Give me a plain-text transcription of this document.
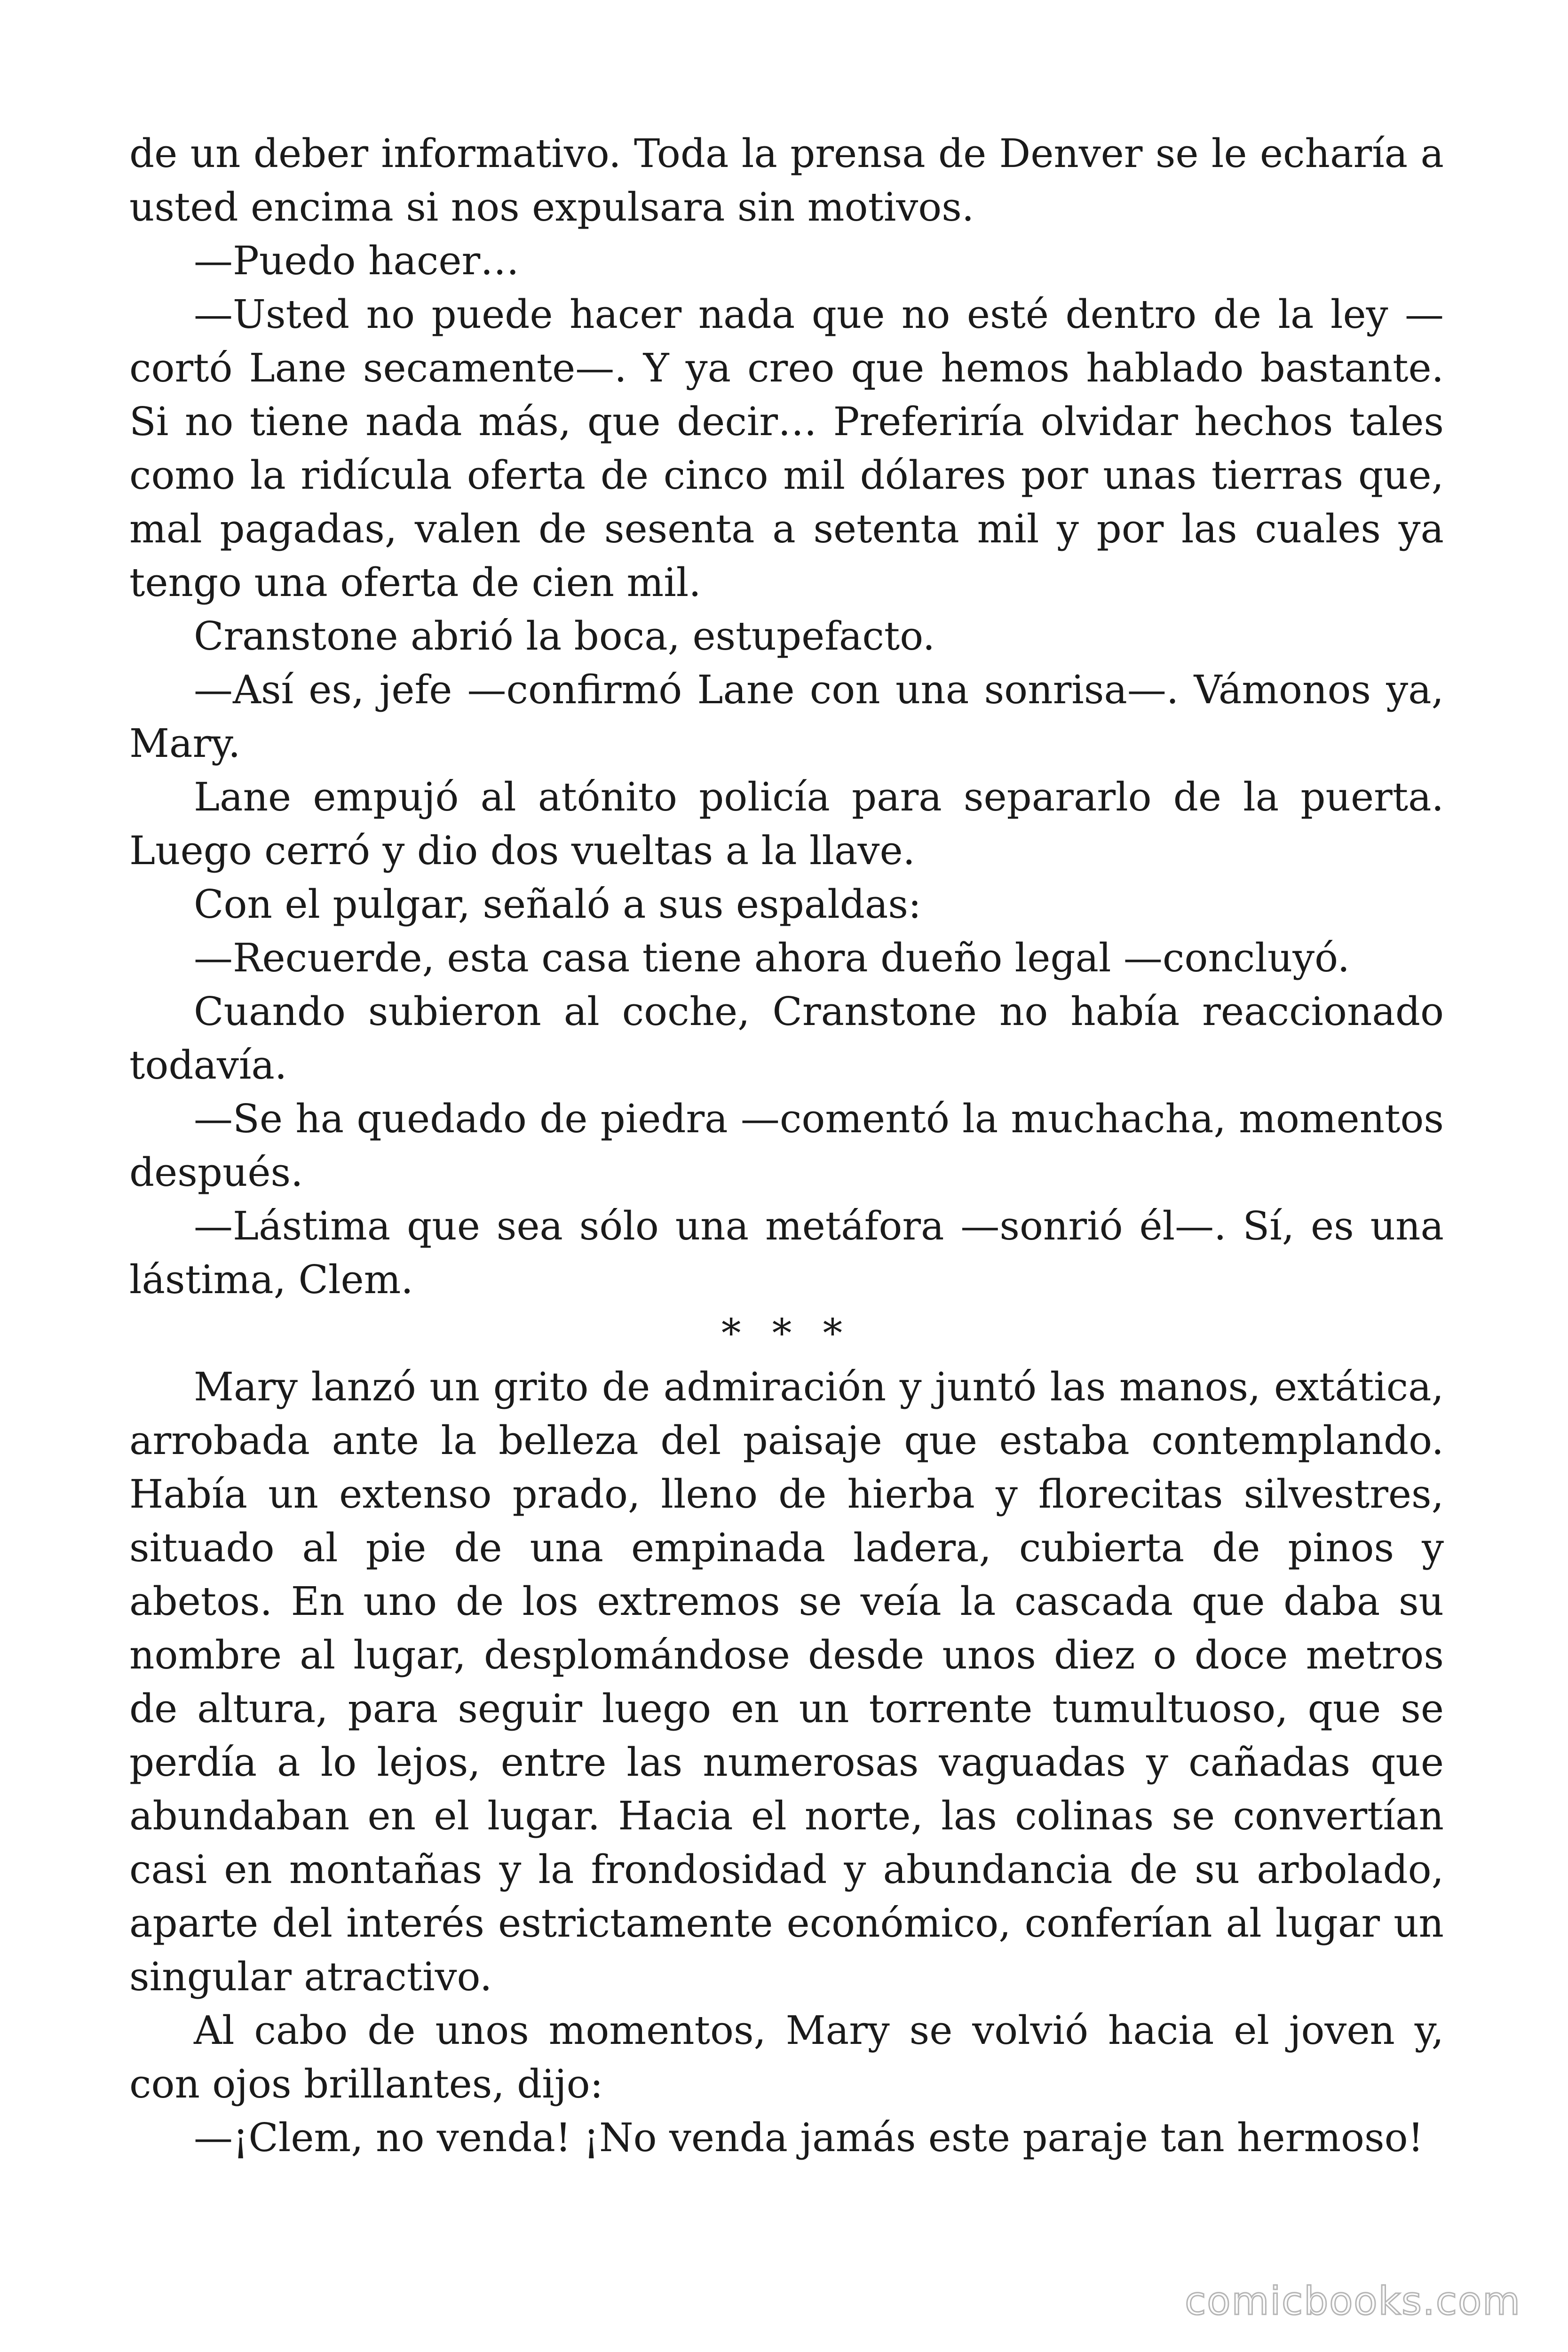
de un deber informativo. Toda la prensa de Denver se le echaría a usted encima si nos expulsara sin motivos.

—Puedo hacer…

—Usted no puede hacer nada que no esté dentro de la ley —cortó Lane secamente—. Y ya creo que hemos hablado bastante. Si no tiene nada más, que decir… Preferiría olvidar hechos tales como la ridícula oferta de cinco mil dólares por unas tierras que, mal pagadas, valen de sesenta a setenta mil y por las cuales ya tengo una oferta de cien mil.

Cranstone abrió la boca, estupefacto.

—Así es, jefe —confirmó Lane con una sonrisa—. Vámonos ya, Mary.

Lane empujó al atónito policía para separarlo de la puerta. Luego cerró y dio dos vueltas a la llave.

Con el pulgar, señaló a sus espaldas:

—Recuerde, esta casa tiene ahora dueño legal —concluyó.

Cuando subieron al coche, Cranstone no había reaccionado todavía.

—Se ha quedado de piedra —comentó la muchacha, momentos después.

—Lástima que sea sólo una metáfora —sonrió él—. Sí, es una lástima, Clem.

* * *

Mary lanzó un grito de admiración y juntó las manos, extática, arrobada ante la belleza del paisaje que estaba contemplando. Había un extenso prado, lleno de hierba y florecitas silvestres, situado al pie de una empinada ladera, cubierta de pinos y abetos. En uno de los extremos se veía la cascada que daba su nombre al lugar, desplomándose desde unos diez o doce metros de altura, para seguir luego en un torrente tumultuoso, que se perdía a lo lejos, entre las numerosas vaguadas y cañadas que abundaban en el lugar. Hacia el norte, las colinas se convertían casi en montañas y la frondosidad y abundancia de su arbolado, aparte del interés estrictamente económico, conferían al lugar un singular atractivo.

Al cabo de unos momentos, Mary se volvió hacia el joven y, con ojos brillantes, dijo:

—¡Clem, no venda! ¡No venda jamás este paraje tan hermoso!

comicbooks.com
